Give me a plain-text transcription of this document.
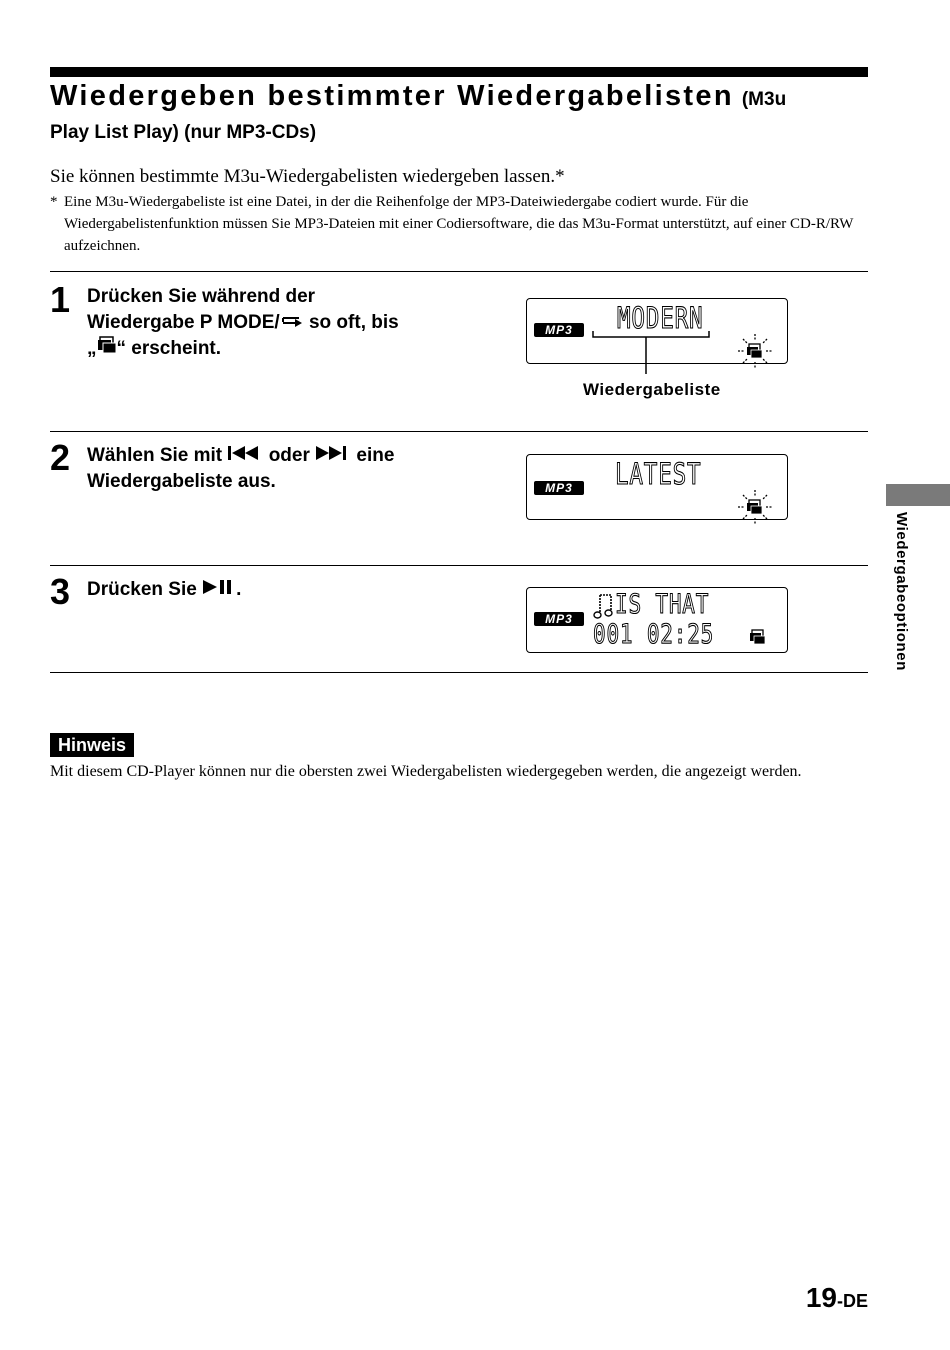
Wiedergeben bestimmter Wiedergabelisten (M3u
Play List Play) (nur MP3-CDs)
Sie können bestimmte M3u-Wiedergabelisten wiedergeben lassen.*
* Eine M3u-Wiedergabeliste ist eine Datei, in der die Reihenfolge der MP3-Dateiwiedergabe codiert wurde. Für die Wiedergabelistenfunktion müssen Sie MP3-Dateien mit einer Codiersoftware, die das M3u-Format unterstützt, auf einer CD-R/RW aufzeichnen.
1 Drücken Sie während der
Wiedergabe P MODE/ so oft, bis
„ “ erscheint.
MP3	MODERN
Wiedergabeliste
2 Wählen Sie mit  oder  eine
Wiedergabeliste aus.	MP3	LATEST
3 Drücken Sie .
MP3	IS THAT
001 02:25	Wiedergabeoptionen
Hinweis
Mit diesem CD-Player können nur die obersten zwei Wiedergabelisten wiedergegeben werden, die angezeigt werden.
19-DE
